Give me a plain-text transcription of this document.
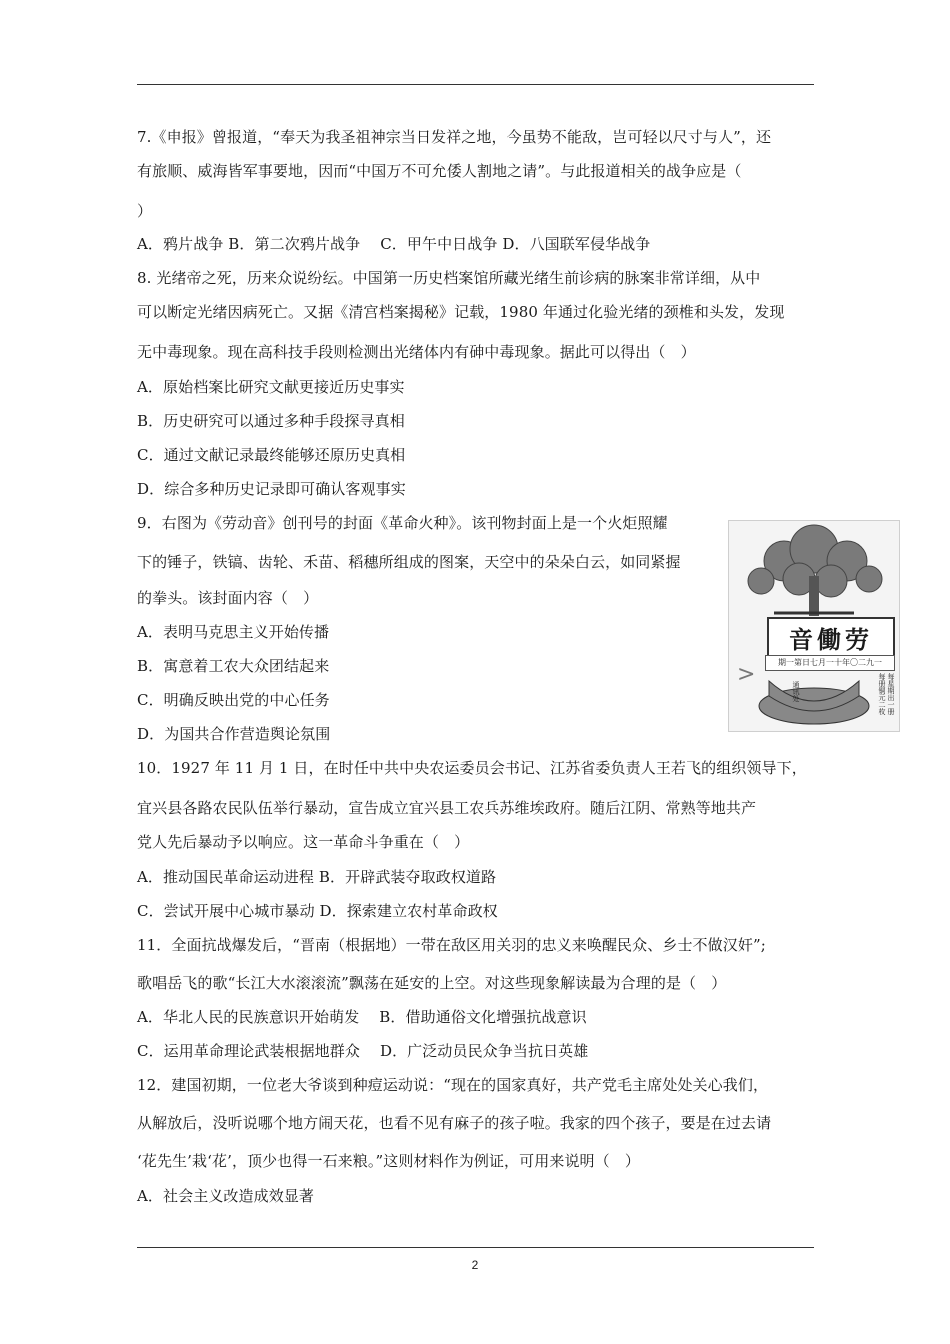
7.《申报》曾报道，“奉天为我圣祖神宗当日发祥之地，今虽势不能敌，岂可轻以尺寸与人”，还
有旅顺、威海皆军事要地，因而“中国万不可允倭人割地之请”。与此报道相关的战争应是（
）
A．鸦片战争 B．第二次鸦片战争　 C．甲午中日战争 D．八国联军侵华战争
8. 光绪帝之死，历来众说纷纭。中国第一历史档案馆所藏光绪生前诊病的脉案非常详细，从中
可以断定光绪因病死亡。又据《清宫档案揭秘》记载，1980 年通过化验光绪的颈椎和头发，发现
无中毒现象。现在高科技手段则检测出光绪体内有砷中毒现象。据此可以得出（　）
A．原始档案比研究文献更接近历史事实
B．历史研究可以通过多种手段探寻真相
C．通过文献记录最终能够还原历史真相
D．综合多种历史记录即可确认客观事实
9．右图为《劳动音》创刊号的封面《革命火种》。该刊物封面上是一个火炬照耀
下的锤子，铁镐、齿轮、禾苗、稻穗所组成的图案，天空中的朵朵白云，如同紧握
的拳头。该封面内容（　）
A．表明马克思主义开始传播
B．寓意着工农大众团结起来
C．明确反映出党的中心任务
D．为国共合作营造舆论氛围
10．1927 年 11 月 1 日，在时任中共中央农运委员会书记、江苏省委负责人王若飞的组织领导下，
宜兴县各路农民队伍举行暴动，宣告成立宜兴县工农兵苏维埃政府。随后江阴、常熟等地共产
党人先后暴动予以响应。这一革命斗争重在（　）
A．推动国民革命运动进程 B．开辟武装夺取政权道路
C．尝试开展中心城市暴动 D．探索建立农村革命政权
11．全面抗战爆发后，“晋南（根据地）一带在敌区用关羽的忠义来唤醒民众、乡士不做汉奸”;
歌唱岳飞的歌“长江大水滚滚流”飘荡在延安的上空。对这些现象解读最为合理的是（　）
A．华北人民的民族意识开始萌发　 B．借助通俗文化增强抗战意识
C．运用革命理论武装根据地群众　 D．广泛动员民众争当抗日英雄
12．建国初期，一位老大爷谈到种痘运动说：“现在的国家真好，共产党毛主席处处关心我们，
从解放后，没听说哪个地方闹天花，也看不见有麻子的孩子啦。我家的四个孩子，要是在过去请
‘花先生’栽‘花’，顶少也得一石来粮。”这则材料作为例证，可用来说明（　）
A．社会主义改造成效显著
>
音働劳
期一第日七月一十年〇二九一
每星期出一册 每册铜元二枚
通讯处
2
